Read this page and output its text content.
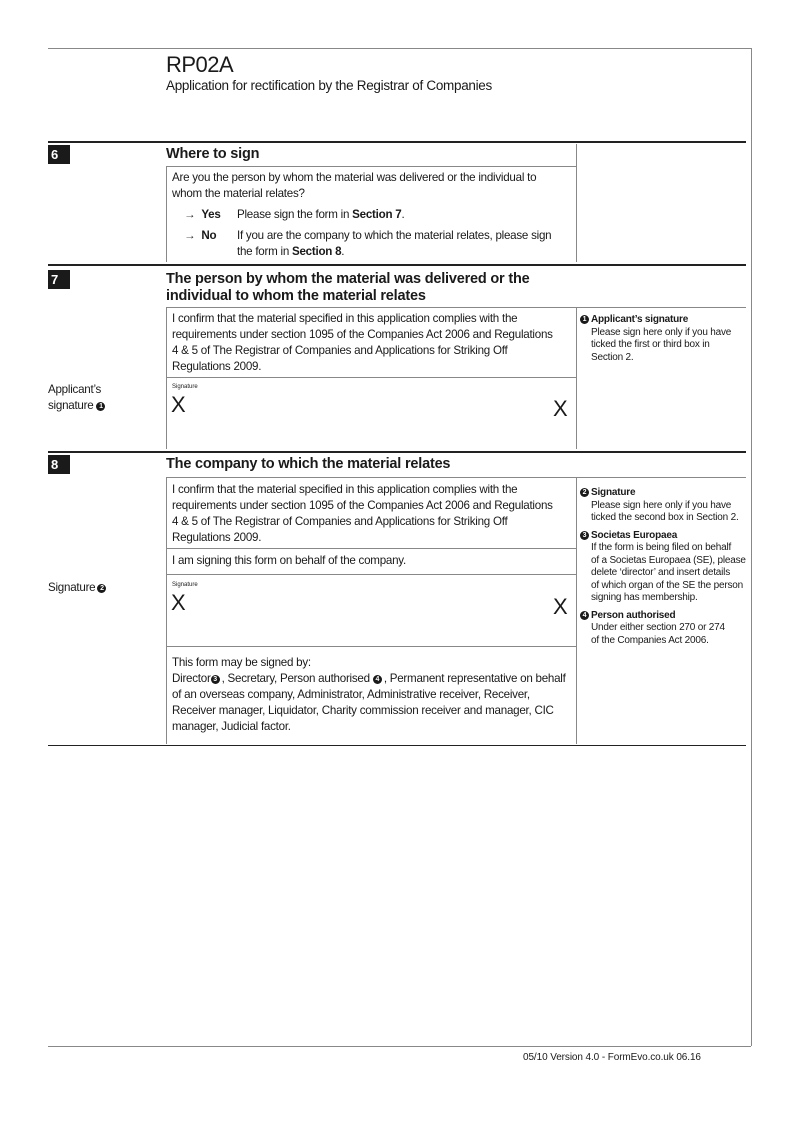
RP02A
Application for rectification by the Registrar of Companies
6	Where to sign
Are you the person by whom the material was delivered or the individual to
whom the material relates?
→ Yes Please sign the form in Section 7.
→ No If you are the company to which the material relates, please sign
the form in Section 8.
7	The person by whom the material was delivered or the
individual to whom the material relates
I confirm that the material specified in this application complies with the
requirements under section 1095 of the Companies Act 2006 and Regulations
4 & 5 of The Registrar of Companies and Applications for Striking Off
Regulations 2009.
Applicant’s
signature 1
Signature
X	X
1 Applicant’s signature
Please sign here only if you have
ticked the first or third box in
Section 2.
8	The company to which the material relates
I confirm that the material specified in this application complies with the
requirements under section 1095 of the Companies Act 2006 and Regulations
4 & 5 of The Registrar of Companies and Applications for Striking Off
Regulations 2009.
I am signing this form on behalf of the company.
Signature 2	Signature
X	X
This form may be signed by:
Director 3 , Secretary, Person authorised 4 , Permanent representative on behalf
of an overseas company, Administrator, Administrative receiver, Receiver,
Receiver manager, Liquidator, Charity commission receiver and manager, CIC
manager, Judicial factor.
2 Signature
Please sign here only if you have
ticked the second box in Section 2.
3 Societas Europaea
If the form is being filed on behalf
of a Societas Europaea (SE), please
delete ‘director’ and insert details
of which organ of the SE the person
signing has membership.
4 Person authorised
Under either section 270 or 274
of the Companies Act 2006.
05/10 Version 4.0 - FormEvo.co.uk 06.16
